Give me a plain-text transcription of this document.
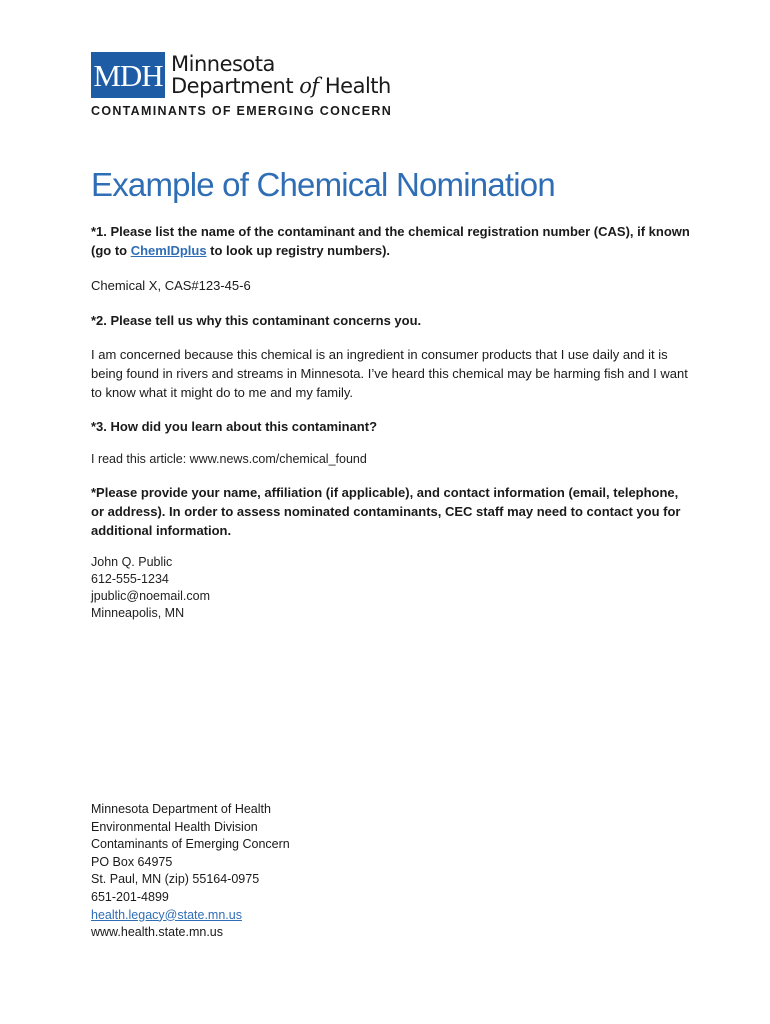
MDH Minnesota
Department of Health
CONTAMINANTS OF EMERGING CONCERN
Example of Chemical Nomination
*1. Please list the name of the contaminant and the chemical registration number (CAS), if known (go to ChemIDplus to look up registry numbers).
Chemical X, CAS#123-45-6
*2. Please tell us why this contaminant concerns you.
I am concerned because this chemical is an ingredient in consumer products that I use daily and it is being found in rivers and streams in Minnesota. I’ve heard this chemical may be harming fish and I want to know what it might do to me and my family.
*3. How did you learn about this contaminant?
I read this article: www.news.com/chemical_found
*Please provide your name, affiliation (if applicable), and contact information (email, telephone, or address). In order to assess nominated contaminants, CEC staff may need to contact you for additional information.
John Q. Public
612-555-1234
jpublic@noemail.com
Minneapolis, MN
Minnesota Department of Health
Environmental Health Division
Contaminants of Emerging Concern
PO Box 64975
St. Paul, MN (zip) 55164-0975
651-201-4899
health.legacy@state.mn.us
www.health.state.mn.us
